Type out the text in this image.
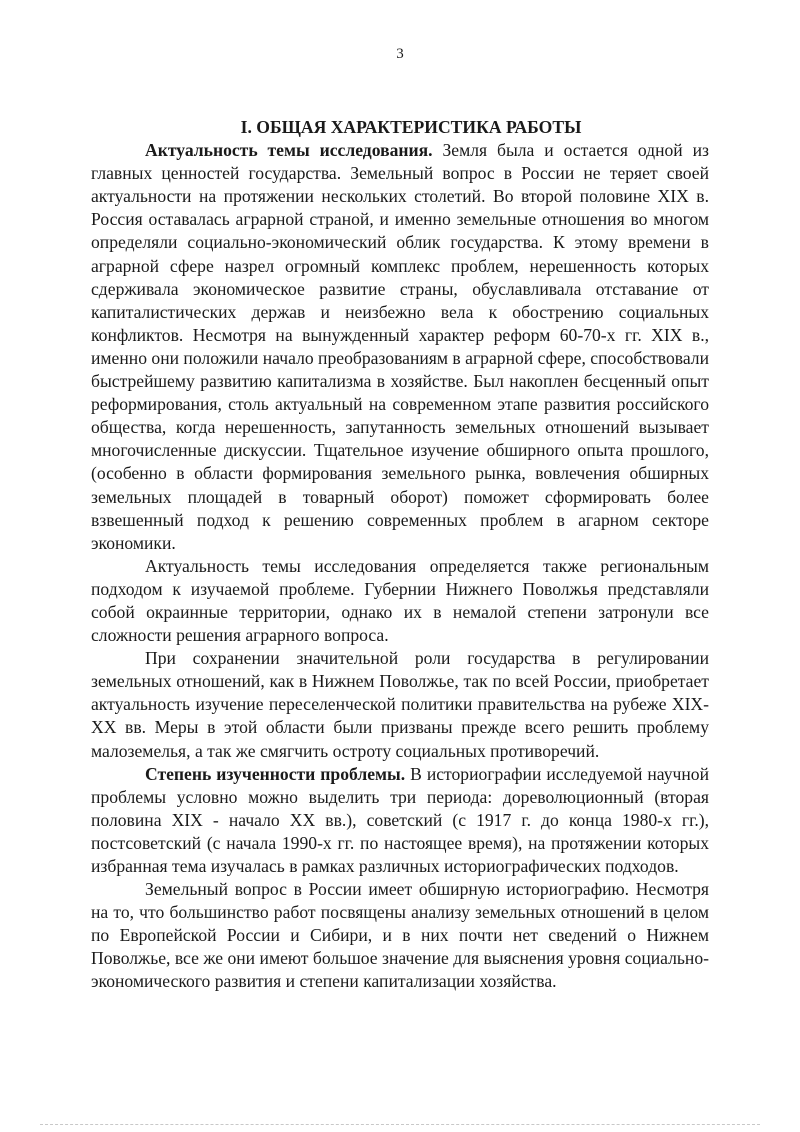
3
I. ОБЩАЯ ХАРАКТЕРИСТИКА РАБОТЫ

Актуальность темы исследования. Земля была и остается одной из главных ценностей государства. Земельный вопрос в России не теряет своей актуальности на протяжении нескольких столетий. Во второй половине XIX в. Россия оставалась аграрной страной, и именно земельные отношения во многом определяли социально-экономический облик государства. К этому времени в аграрной сфере назрел огромный комплекс проблем, нерешенность которых сдерживала экономическое развитие страны, обуславливала отставание от капиталистических держав и неизбежно вела к обострению социальных конфликтов. Несмотря на вынужденный характер реформ 60-70-х гг. XIX в., именно они положили начало преобразованиям в аграрной сфере, способствовали быстрейшему развитию капитализма в хозяйстве. Был накоплен бесценный опыт реформирования, столь актуальный на современном этапе развития российского общества, когда нерешенность, запутанность земельных отношений вызывает многочисленные дискуссии. Тщательное изучение обширного опыта прошлого, (особенно в области формирования земельного рынка, вовлечения обширных земельных площадей в товарный оборот) поможет сформировать более взвешенный подход к решению современных проблем в агарном секторе экономики.

Актуальность темы исследования определяется также региональным подходом к изучаемой проблеме. Губернии Нижнего Поволжья представляли собой окраинные территории, однако их в немалой степени затронули все сложности решения аграрного вопроса.

При сохранении значительной роли государства в регулировании земельных отношений, как в Нижнем Поволжье, так по всей России, приобретает актуальность изучение переселенческой политики правительства на рубеже XIX-XX вв. Меры в этой области были призваны прежде всего решить проблему малоземелья, а так же смягчить остроту социальных противоречий.

Степень изученности проблемы. В историографии исследуемой научной проблемы условно можно выделить три периода: дореволюционный (вторая половина XIX - начало XX вв.), советский (с 1917 г. до конца 1980-х гг.), постсоветский (с начала 1990-х гг. по настоящее время), на протяжении которых избранная тема изучалась в рамках различных историографических подходов.

Земельный вопрос в России имеет обширную историографию. Несмотря на то, что большинство работ посвящены анализу земельных отношений в целом по Европейской России и Сибири, и в них почти нет сведений о Нижнем Поволжье, все же они имеют большое значение для выяснения уровня социально-экономического развития и степени капитализации хозяйства.
